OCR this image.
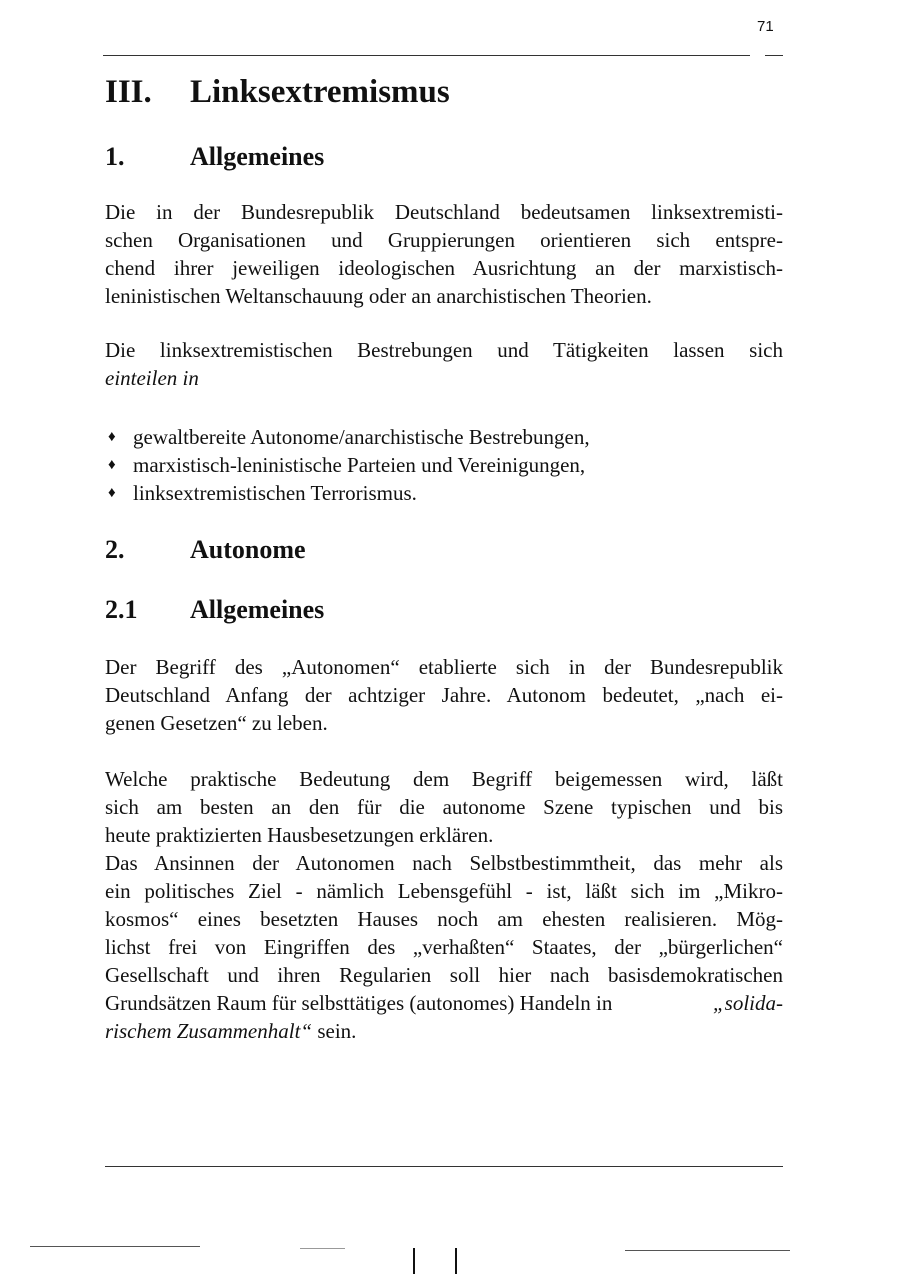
71
III. Linksextremismus
1.	Allgemeines
Die in der Bundesrepublik Deutschland bedeutsamen linksextremisti-
schen Organisationen und Gruppierungen orientieren sich entspre-
chend ihrer jeweiligen ideologischen Ausrichtung an der marxistisch-
leninistischen Weltanschauung oder an anarchistischen Theorien.
Die linksextremistischen Bestrebungen und Tätigkeiten lassen sich
einteilen in
♦ gewaltbereite Autonome/anarchistische Bestrebungen,
♦ marxistisch-leninistische Parteien und Vereinigungen,
♦ linksextremistischen Terrorismus.
2.	Autonome
2.1 Allgemeines
Der Begriff des „Autonomen“ etablierte sich in der Bundesrepublik
Deutschland Anfang der achtziger Jahre. Autonom bedeutet, „nach ei-
genen Gesetzen“ zu leben.
Welche praktische Bedeutung dem Begriff beigemessen wird, läßt
sich am besten an den für die autonome Szene typischen und bis
heute praktizierten Hausbesetzungen erklären.
Das Ansinnen der Autonomen nach Selbstbestimmtheit, das mehr als
ein politisches Ziel - nämlich Lebensgefühl - ist, läßt sich im „Mikro-
kosmos“ eines besetzten Hauses noch am ehesten realisieren. Mög-
lichst frei von Eingriffen des „verhaßten“ Staates, der „bürgerlichen“
Gesellschaft und ihren Regularien soll hier nach basisdemokratischen
Grundsätzen Raum für selbsttätiges (autonomes) Handeln in	„solida-
rischem Zusammenhalt“ sein.
